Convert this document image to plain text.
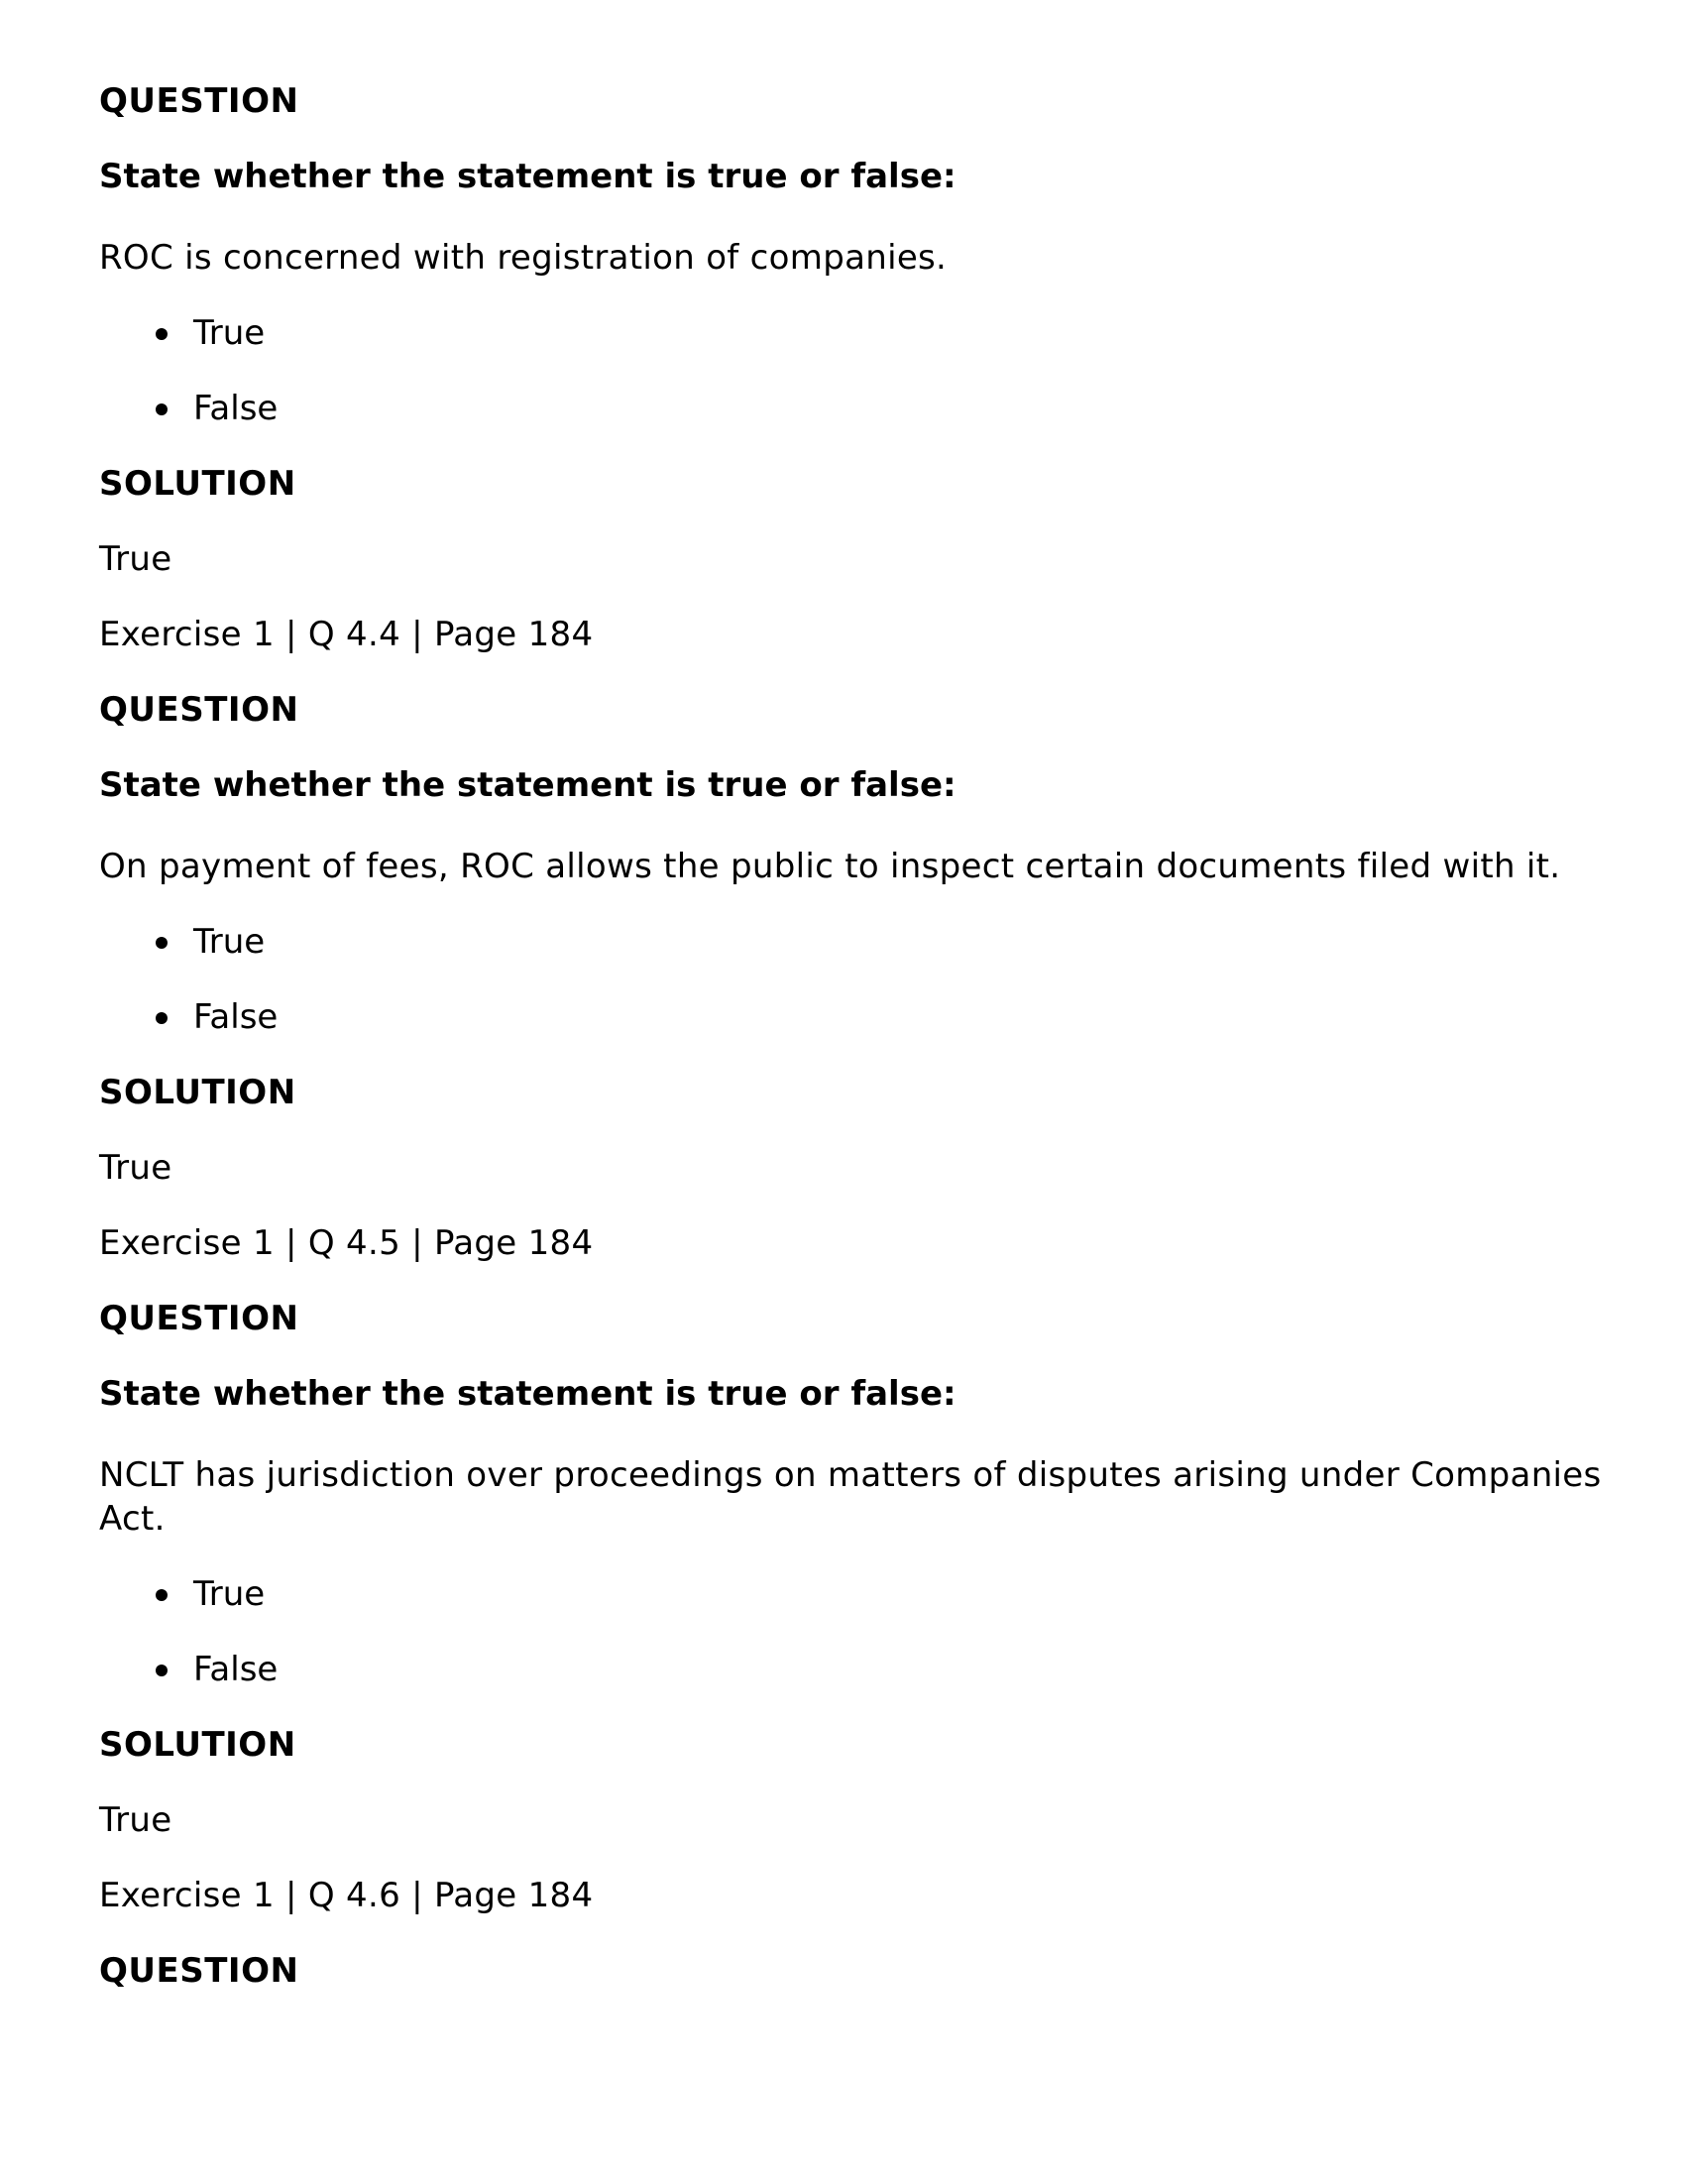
QUESTION
State whether the statement is true or false:
ROC is concerned with registration of companies.
True
False
SOLUTION
True
Exercise 1 | Q 4.4 | Page 184
QUESTION
State whether the statement is true or false:
On payment of fees, ROC allows the public to inspect certain documents filed with it.
True
False
SOLUTION
True
Exercise 1 | Q 4.5 | Page 184
QUESTION
State whether the statement is true or false:
NCLT has jurisdiction over proceedings on matters of disputes arising under Companies Act.
True
False
SOLUTION
True
Exercise 1 | Q 4.6 | Page 184
QUESTION
